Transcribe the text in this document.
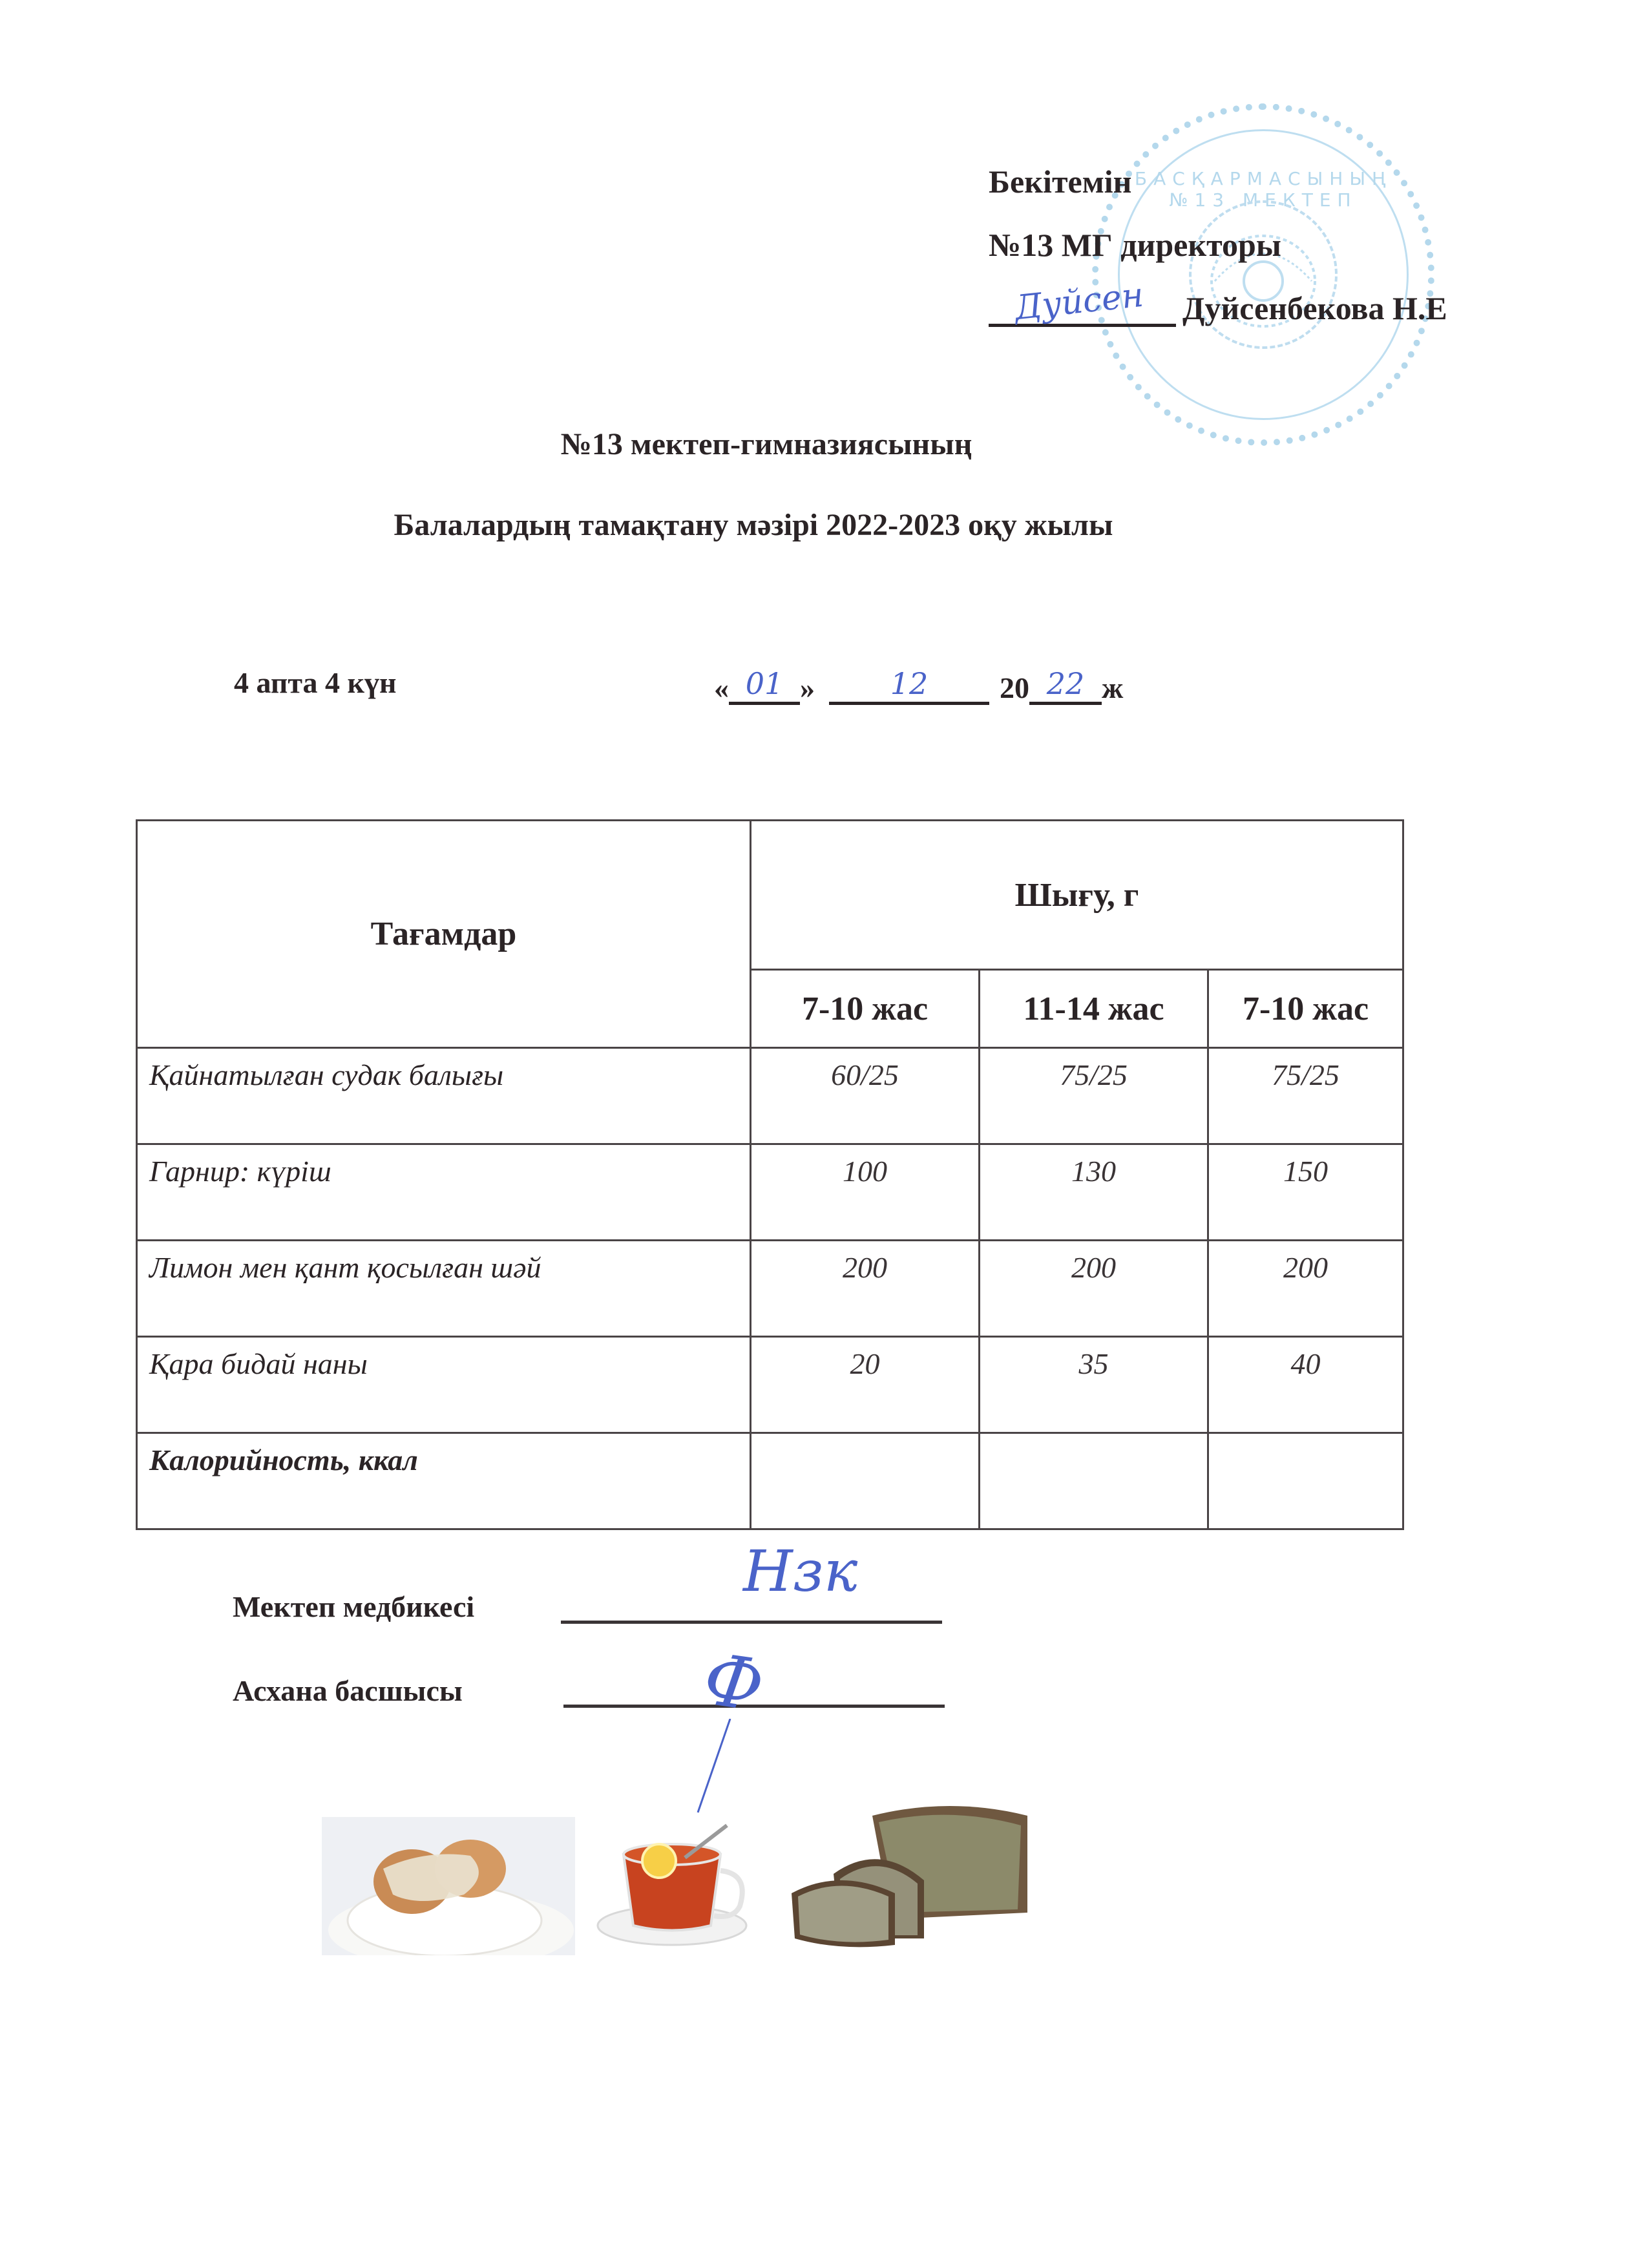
БАСҚАРМАСЫНЫҢ №13 МЕКТЕП
Бекітемін
№13 МГ директоры
Дуйсен Дуйсенбекова Н.Е
№13 мектеп-гимназиясының
Балалардың тамақтану мәзірі 2022-2023 оқу жылы
4 апта 4 күн	« 01 »	12	20 22 ж
Тағамдар	Шығу, г		
	7-10 жас	11-14 жас	7-10 жас
Қайнатылған судак балығы	60/25	75/25	75/25
Гарнир: күріш	100	130	150
Лимон мен қант қосылған шәй	200	200	200
Қара бидай наны	20	35	40
Калорийность, ккал			
Мектеп медбикесі
Нзк
Асхана басшысы	Ф
